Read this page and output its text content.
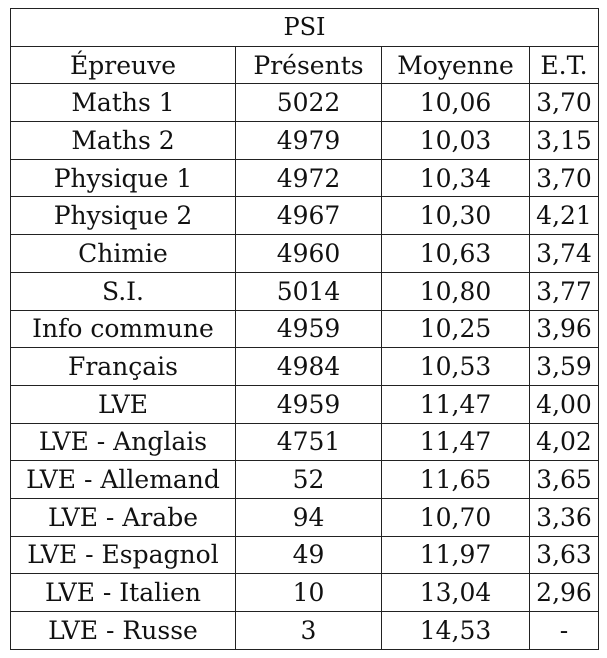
PSI			
Épreuve	Présents	Moyenne	E.T.
Maths 1	5022	10,06	3,70
Maths 2	4979	10,03	3,15
Physique 1	4972	10,34	3,70
Physique 2	4967	10,30	4,21
Chimie	4960	10,63	3,74
S.I.	5014	10,80	3,77
Info commune	4959	10,25	3,96
Français	4984	10,53	3,59
LVE	4959	11,47	4,00
LVE - Anglais	4751	11,47	4,02
LVE - Allemand	52	11,65	3,65
LVE - Arabe	94	10,70	3,36
LVE - Espagnol	49	11,97	3,63
LVE - Italien	10	13,04	2,96
LVE - Russe	3	14,53	-
